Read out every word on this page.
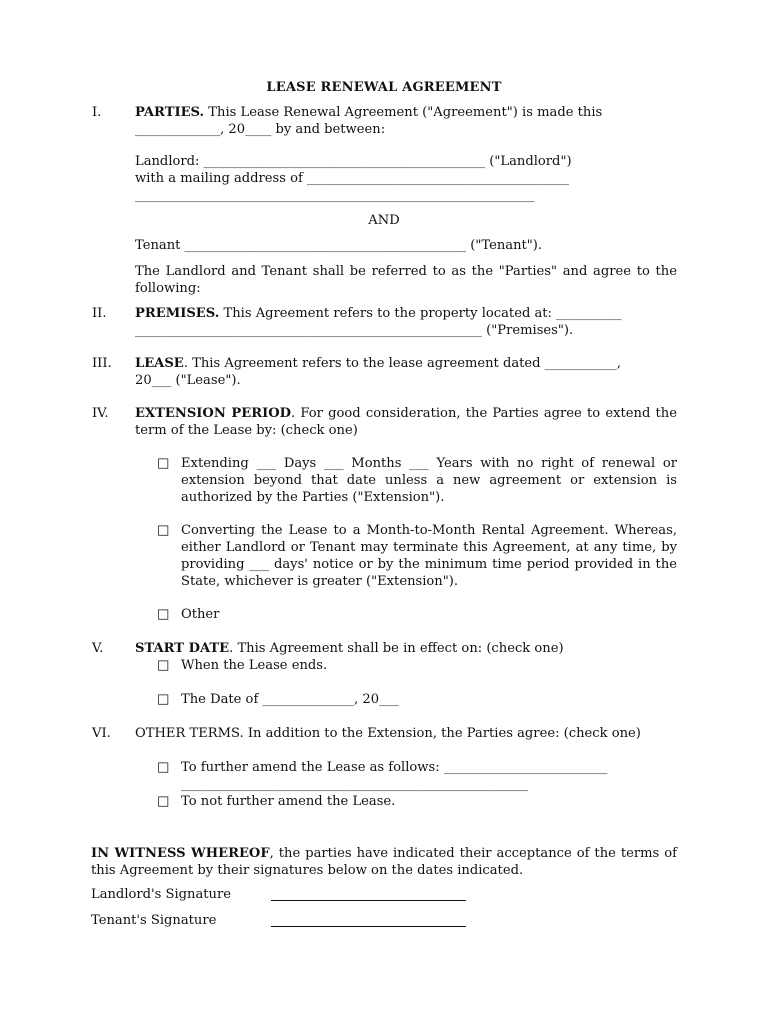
LEASE RENEWAL AGREEMENT
I.	PARTIES. This Lease Renewal Agreement ("Agreement") is made this
_____________, 20____ by and between:
Landlord: ___________________________________________ ("Landlord")
with a mailing address of ________________________________________
_____________________________________________________________
AND
Tenant ___________________________________________ ("Tenant").
The Landlord and Tenant shall be referred to as the "Parties" and agree to the following:
II.	PREMISES. This Agreement refers to the property located at: __________
_____________________________________________________ ("Premises").
III.	LEASE. This Agreement refers to the lease agreement dated ___________,
20___ ("Lease").
IV.	EXTENSION PERIOD. For good consideration, the Parties agree to extend the term of the Lease by: (check one)
□ Extending ___ Days ___ Months ___ Years with no right of renewal or extension beyond that date unless a new agreement or extension is authorized by the Parties ("Extension").
□ Converting the Lease to a Month-to-Month Rental Agreement. Whereas, either Landlord or Tenant may terminate this Agreement, at any time, by providing ___ days' notice or by the minimum time period provided in the State, whichever is greater ("Extension").
□ Other
V.	START DATE. This Agreement shall be in effect on: (check one)
□ When the Lease ends.
□ The Date of ______________, 20___
VI.	OTHER TERMS. In addition to the Extension, the Parties agree: (check one)
□ To further amend the Lease as follows: _________________________
_____________________________________________________
□ To not further amend the Lease.
IN WITNESS WHEREOF, the parties have indicated their acceptance of the terms of this Agreement by their signatures below on the dates indicated.
Landlord's Signature
Tenant's Signature
